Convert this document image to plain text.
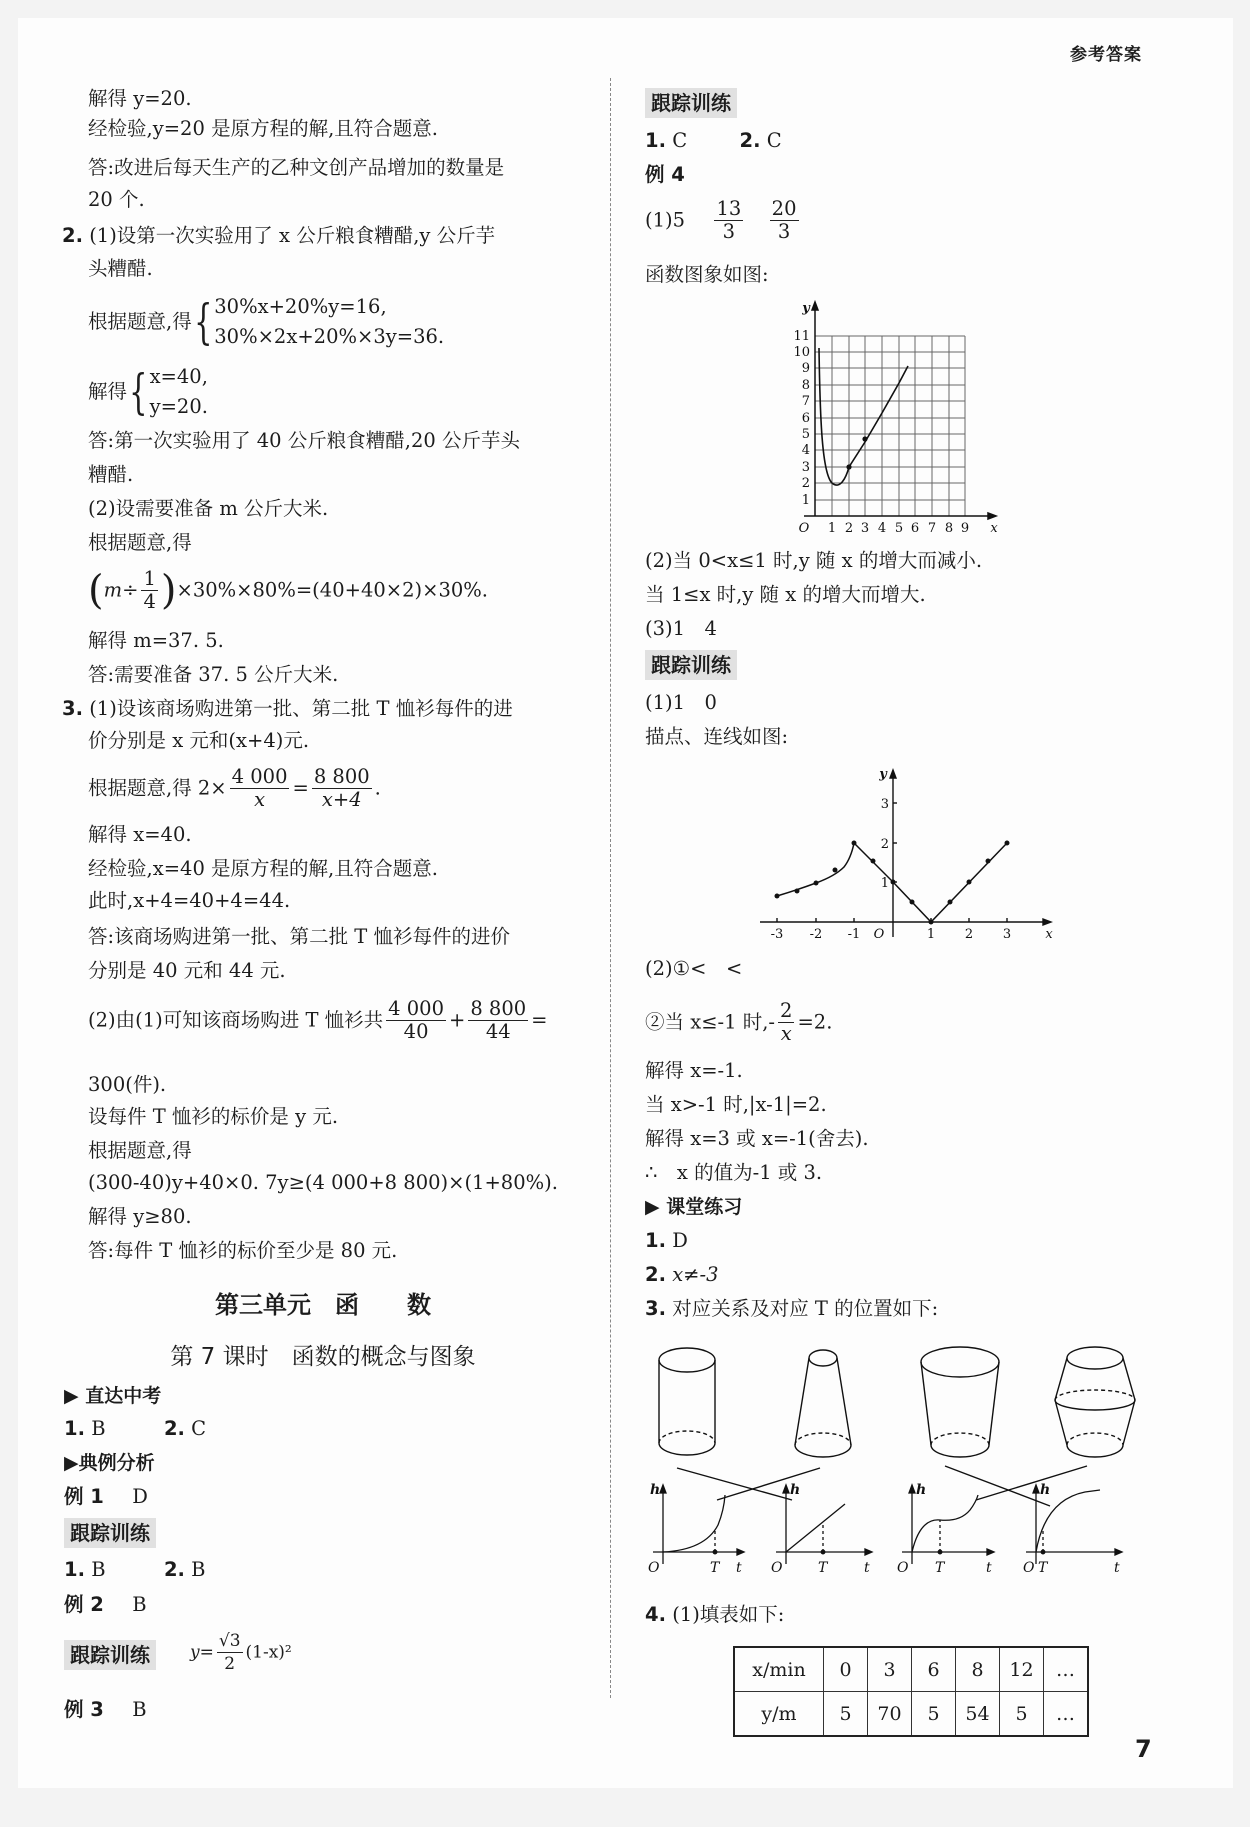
参考答案
解得 y=20.
经检验,y=20 是原方程的解,且符合题意.
答:改进后每天生产的乙种文创产品增加的数量是
20 个.
2. (1)设第一次实验用了 x 公斤粮食糟醋,y 公斤芋
头糟醋.
根据题意,得{ 30%x+20%y=16,
30%×2x+20%×3y=36.
解得{ x=40,
y=20.
答:第一次实验用了 40 公斤粮食糟醋,20 公斤芋头
糟醋.
(2)设需要准备 m 公斤大米.
根据题意,得
$(m\div \frac{1}{4} )\times 30\%\times 80\%=(40+40\times 2)\times 30\%$.
解得 m=37. 5.
答:需要准备 37. 5 公斤大米.
3. (1)设该商场购进第一批、第二批 T 恤衫每件的进
价分别是 x 元和(x+4)元.
根据题意,得 $2\times \frac{4 000}{x} = \frac{8 800}{x+4}$ .
解得 x=40.
经检验,x=40 是原方程的解,且符合题意.
此时,x+4=40+4=44.
答:该商场购进第一批、第二批 T 恤衫每件的进价
分别是 40 元和 44 元.
(2)由(1)可知该商场购进 T 恤衫共 $\frac{4 000}{40} + \frac{8 800}{44}$ =
300(件).
设每件 T 恤衫的标价是 y 元.
根据题意,得
(300-40)y+40×0. 7y≥(4 000+8 800)×(1+80%).
解得 y≥80.
答:每件 T 恤衫的标价至少是 80 元.
第三单元　函　　数
第 7 课时　函数的概念与图象
▶ 直达中考
1. B	2. C
▶典例分析
例 1 D
跟踪训练
1. B	2. B
例 2 B
跟踪训练	$y= \frac{√3}{2} (1-x)^2$
例 3 B
跟踪训练
1. C	2. C
例 4
$(1)5 \frac{13}{3}$
$\frac{20}{3}$
函数图象如图:
1
2
3
4
5
6
7
8
9
10
11
1 2 3 4 5 6 7 8 9
O	x
y
(2)当 0<x≤1 时,y 随 x 的增大而减小.
当 1≤x 时,y 随 x 的增大而增大.
(3)1　4
跟踪训练
(1)1　0
描点、连线如图:
-3 -2 -1	1 2 3
O	x
y
1
2
3
(2)①<　<
②当 x≤-1 时,- $\frac{2}{x} =2$.
解得 x=-1.
当 x>-1 时,|x-1|=2.
解得 x=3 或 x=-1(舍去).
∴　x 的值为-1 或 3.
▶ 课堂练习
1. D
2. x≠-3
3. 对应关系及对应 T 的位置如下:
h
O	T t
h
O	T	t
h
O T	t
h
O T	t
4. (1)填表如下:
x/min	0	3	6	8	12	…
y/m	5	70	5	54	5	…
7
